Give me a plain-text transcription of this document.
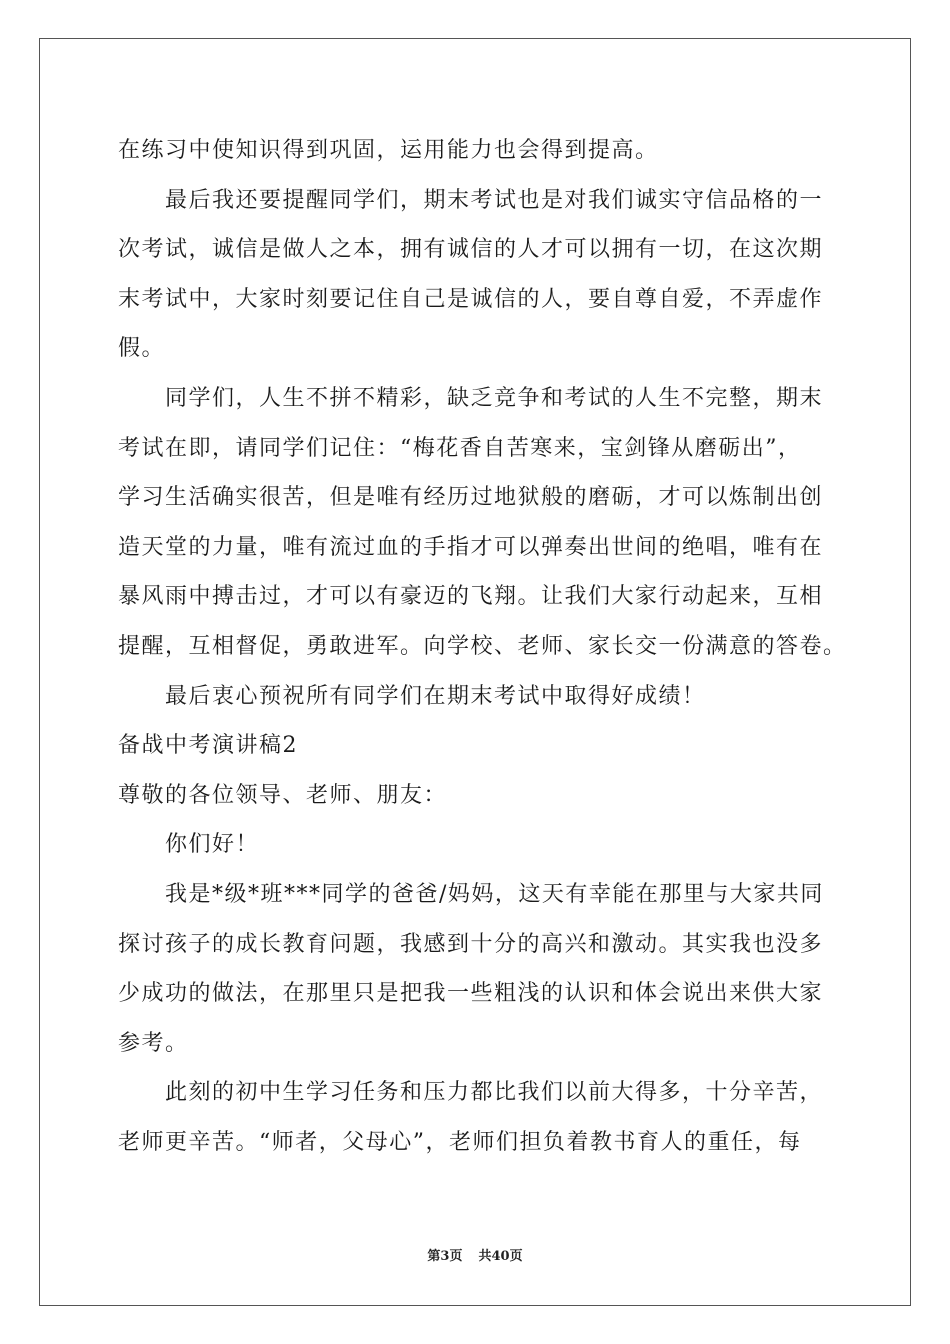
在练习中使知识得到巩固，运用能力也会得到提高。
最后我还要提醒同学们，期末考试也是对我们诚实守信品格的一
次考试，诚信是做人之本，拥有诚信的人才可以拥有一切，在这次期
末考试中，大家时刻要记住自己是诚信的人，要自尊自爱，不弄虚作
假。
同学们，人生不拼不精彩，缺乏竞争和考试的人生不完整，期末
考试在即，请同学们记住：“梅花香自苦寒来，宝剑锋从磨砺出”，
学习生活确实很苦，但是唯有经历过地狱般的磨砺，才可以炼制出创
造天堂的力量，唯有流过血的手指才可以弹奏出世间的绝唱，唯有在
暴风雨中搏击过，才可以有豪迈的飞翔。让我们大家行动起来，互相
提醒，互相督促，勇敢进军。向学校、老师、家长交一份满意的答卷。
最后衷心预祝所有同学们在期末考试中取得好成绩！
备战中考演讲稿2
尊敬的各位领导、老师、朋友：
你们好！
我是*级*班***同学的爸爸/妈妈，这天有幸能在那里与大家共同
探讨孩子的成长教育问题，我感到十分的高兴和激动。其实我也没多
少成功的做法，在那里只是把我一些粗浅的认识和体会说出来供大家
参考。
此刻的初中生学习任务和压力都比我们以前大得多，十分辛苦，
老师更辛苦。“师者，父母心”，老师们担负着教书育人的重任，每
第3页 共40页
